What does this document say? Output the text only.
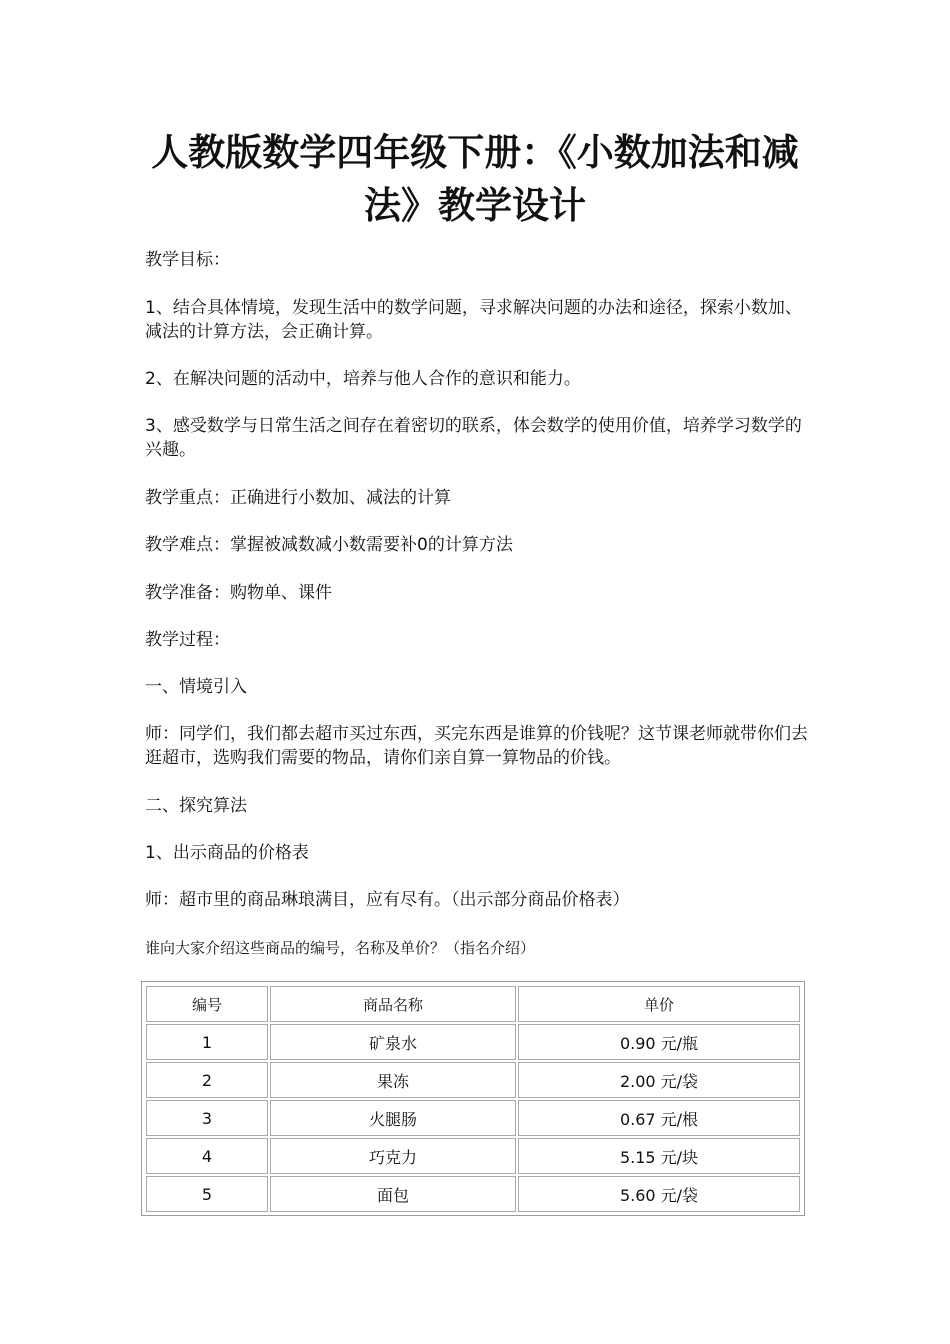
人教版数学四年级下册：《小数加法和减法》教学设计

教学目标：

1、结合具体情境，发现生活中的数学问题，寻求解决问题的办法和途径，探索小数加、减法的计算方法，会正确计算。

2、在解决问题的活动中，培养与他人合作的意识和能力。

3、感受数学与日常生活之间存在着密切的联系，体会数学的使用价值，培养学习数学的兴趣。

教学重点：正确进行小数加、减法的计算

教学难点：掌握被减数减小数需要补0的计算方法

教学准备：购物单、课件

教学过程：

一、情境引入

师：同学们，我们都去超市买过东西，买完东西是谁算的价钱呢？这节课老师就带你们去逛超市，选购我们需要的物品，请你们亲自算一算物品的价钱。

二、探究算法

1、出示商品的价格表

师：超市里的商品琳琅满目，应有尽有。（出示部分商品价格表）

谁向大家介绍这些商品的编号，名称及单价？（指名介绍）

编号	商品名称	单价
1	矿泉水	0.90 元/瓶
2	果冻	2.00 元/袋
3	火腿肠	0.67 元/根
4	巧克力	5.15 元/块
5	面包	5.60 元/袋
